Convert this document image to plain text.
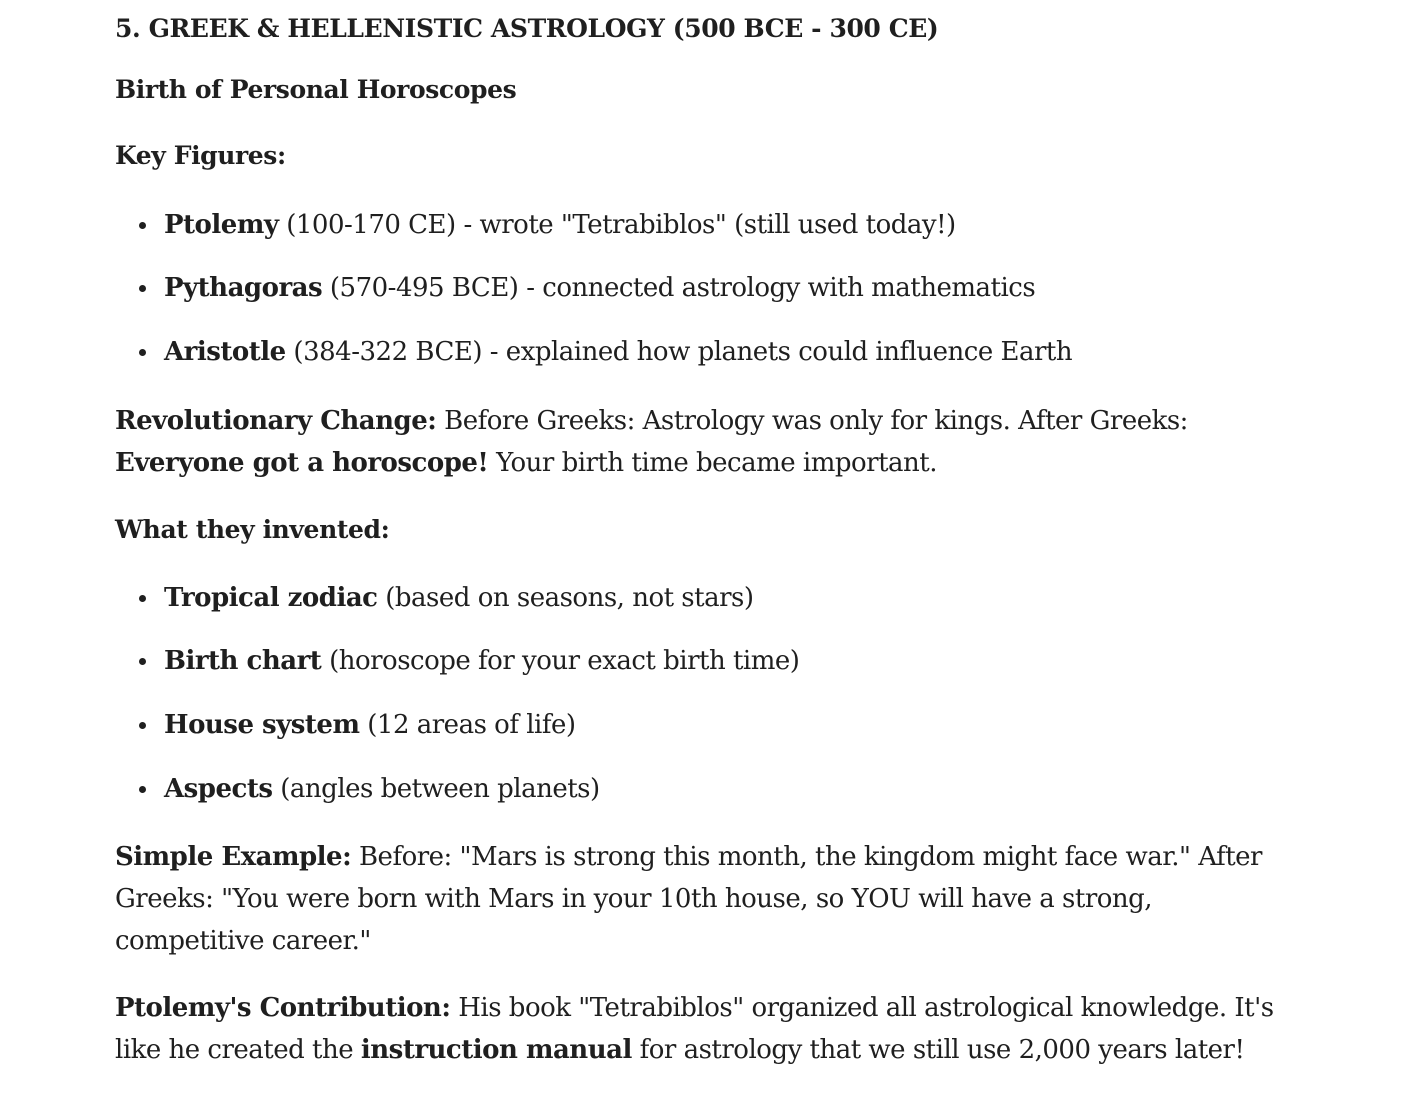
5. GREEK & HELLENISTIC ASTROLOGY (500 BCE - 300 CE)
Birth of Personal Horoscopes

Key Figures:

Ptolemy (100-170 CE) - wrote "Tetrabiblos" (still used today!)
Pythagoras (570-495 BCE) - connected astrology with mathematics
Aristotle (384-322 BCE) - explained how planets could influence Earth

Revolutionary Change: Before Greeks: Astrology was only for kings. After Greeks: Everyone got a horoscope! Your birth time became important.

What they invented:

Tropical zodiac (based on seasons, not stars)
Birth chart (horoscope for your exact birth time)
House system (12 areas of life)
Aspects (angles between planets)

Simple Example: Before: "Mars is strong this month, the kingdom might face war." After Greeks: "You were born with Mars in your 10th house, so YOU will have a strong, competitive career."

Ptolemy's Contribution: His book "Tetrabiblos" organized all astrological knowledge. It's like he created the instruction manual for astrology that we still use 2,000 years later!
